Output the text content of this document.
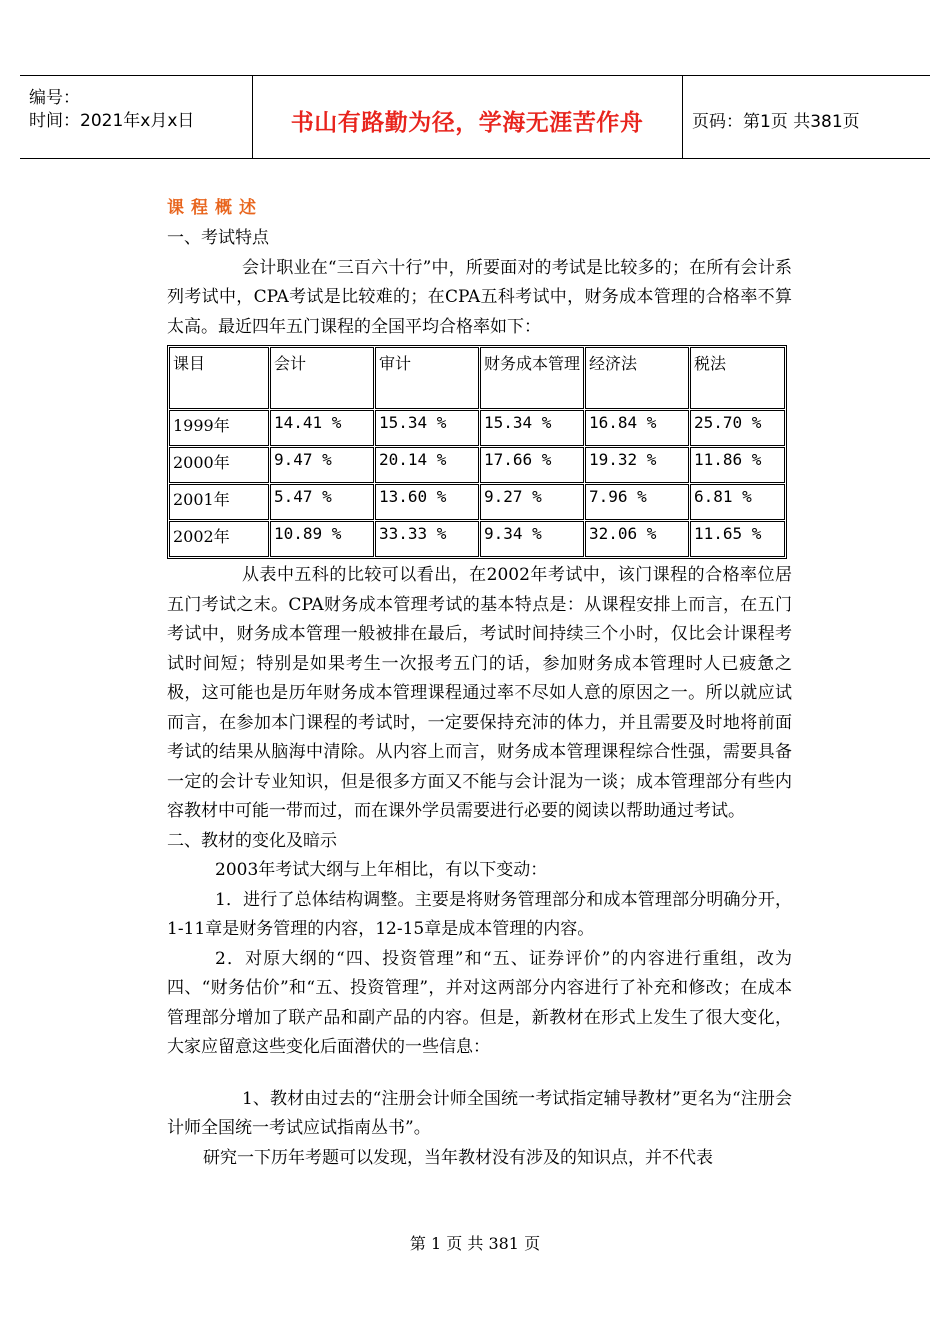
编号：
时间：2021年x月x日	书山有路勤为径，学海无涯苦作舟	页码：第1页 共381页
课程概述

一、考试特点

会计职业在“三百六十行”中，所要面对的考试是比较多的；在所有会计系列考试中，CPA考试是比较难的；在CPA五科考试中，财务成本管理的合格率不算太高。最近四年五门课程的全国平均合格率如下：

课目	会计	审计	财务成本管理	经济法	税法
1999年	14.41 %	15.34 %	15.34 %	16.84 %	25.70 %
2000年	9.47 %	20.14 %	17.66 %	19.32 %	11.86 %
2001年	5.47 %	13.60 %	9.27 %	7.96 %	6.81 %
2002年	10.89 %	33.33 %	9.34 %	32.06 %	11.65 %

从表中五科的比较可以看出，在2002年考试中，该门课程的合格率位居五门考试之末。CPA财务成本管理考试的基本特点是：从课程安排上而言，在五门考试中，财务成本管理一般被排在最后，考试时间持续三个小时，仅比会计课程考试时间短；特别是如果考生一次报考五门的话，参加财务成本管理时人已疲惫之极，这可能也是历年财务成本管理课程通过率不尽如人意的原因之一。所以就应试而言，在参加本门课程的考试时，一定要保持充沛的体力，并且需要及时地将前面考试的结果从脑海中清除。从内容上而言，财务成本管理课程综合性强，需要具备一定的会计专业知识，但是很多方面又不能与会计混为一谈；成本管理部分有些内容教材中可能一带而过，而在课外学员需要进行必要的阅读以帮助通过考试。

二、教材的变化及暗示

2003年考试大纲与上年相比，有以下变动：

1．进行了总体结构调整。主要是将财务管理部分和成本管理部分明确分开，1-11章是财务管理的内容，12-15章是成本管理的内容。

2．对原大纲的“四、投资管理”和“五、证券评价”的内容进行重组，改为四、“财务估价”和“五、投资管理”，并对这两部分内容进行了补充和修改；在成本管理部分增加了联产品和副产品的内容。但是，新教材在形式上发生了很大变化，大家应留意这些变化后面潜伏的一些信息：

1、教材由过去的“注册会计师全国统一考试指定辅导教材”更名为“注册会计师全国统一考试应试指南丛书”。

研究一下历年考题可以发现，当年教材没有涉及的知识点，并不代表

第 1 页 共 381 页
